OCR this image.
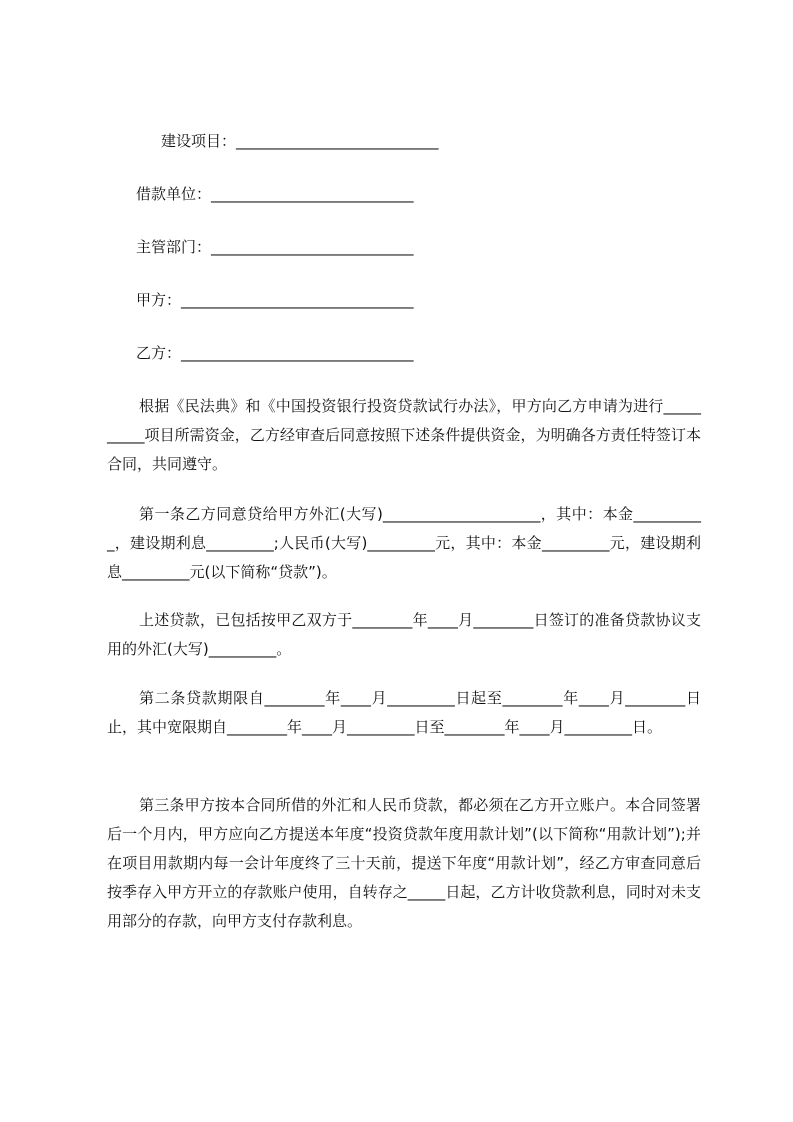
建设项目：___________________________
借款单位：___________________________
主管部门：___________________________
甲方：_______________________________
乙方：_______________________________

根据《民法典》和《中国投资银行投资贷款试行办法》，甲方向乙方申请为进行__________项目所需资金，乙方经审查后同意按照下述条件提供资金，为明确各方责任特签订本合同，共同遵守。

第一条乙方同意贷给甲方外汇(大写)_____________________，其中：本金__________，建设期利息_________;人民币(大写)_________元，其中：本金_________元，建设期利息_________元(以下简称“贷款”)。

上述贷款，已包括按甲乙双方于________年____月________日签订的准备贷款协议支用的外汇(大写)_________。

第二条贷款期限自________年____月_________日起至________年____月________日止，其中宽限期自________年____月_________日至________年____月_________日。

第三条甲方按本合同所借的外汇和人民币贷款，都必须在乙方开立账户。本合同签署后一个月内，甲方应向乙方提送本年度“投资贷款年度用款计划”(以下简称“用款计划”);并在项目用款期内每一会计年度终了三十天前，提送下年度“用款计划”，经乙方审查同意后按季存入甲方开立的存款账户使用，自转存之_____日起，乙方计收贷款利息，同时对未支用部分的存款，向甲方支付存款利息。
